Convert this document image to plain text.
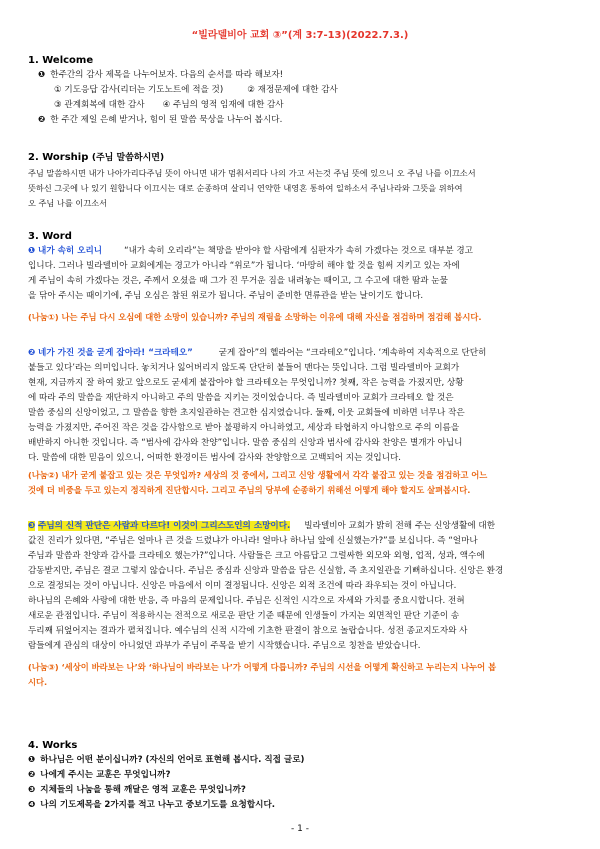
“빌라델비아 교회 ③”(계 3:7-13)(2022.7.3.)
1. Welcome
❶ 한주간의 감사 제목을 나누어보자. 다음의 순서를 따라 해보자!
① 기도응답 감사(리더는 기도노트에 적을 것)	② 재정문제에 대한 감사
③ 관계회복에 대한 감사 ④ 주님의 영적 임재에 대한 감사
❷ 한 주간 제일 은혜 받거나, 힘이 된 말씀 묵상을 나누어 봅시다.
2. Worship (주님 말씀하시면)
주님 말씀하시면 내가 나아가리다주님 뜻이 아니면 내가 멈춰서리다 나의 가고 서는것 주님 뜻에 있으니 오 주님 나를 이끄소서
뜻하신 그곳에 나 있기 원합니다 이끄시는 대로 순종하며 살리니 연약한 내영혼 통하여 일하소서 주님나라와 그뜻을 위하여
오 주님 나를 이끄소서
3. Word
❶ 내가 속히 오리니	“내가 속히 오리라”는 책망을 받아야 할 사람에게 심판자가 속히 가겠다는 것으로 대부분 경고
입니다. 그러나 빌라델비아 교회에게는 경고가 아니라 “위로”가 됩니다. ‘마땅히 해야 할 것을 힘써 지키고 있는 자에
게 주님이 속히 가겠다는 것은, 주께서 오셨을 때 그가 진 무거운 짐을 내려놓는 때이고, 그 수고에 대한 땀과 눈물
을 닦아 주시는 때이기에, 주님 오심은 참된 위로가 됩니다. 주님이 준비한 면류관을 받는 날이기도 합니다.
(나눔①) 나는 주님 다시 오심에 대한 소망이 있습니까? 주님의 재림을 소망하는 이유에 대해 자신을 점검하며 점검해 봅시다.
❷ 네가 가진 것을 굳게 잡아라! “크라테오”	굳게 잡아”의 헬라어는 “크라테오”입니다. ‘계속하여 지속적으로 단단히
붙들고 있다’라는 의미입니다. 놓치거나 잃어버리지 않도록 단단히 붙들어 맨다는 뜻입니다. 그럼 빌라델비아 교회가
현재, 지금까지 잘 하여 왔고 앞으로도 굳세게 붙잡아야 할 크라테오는 무엇입니까? 첫째, 작은 능력을 가졌지만, 상황
에 따라 주의 말씀을 재단하지 아니하고 주의 말씀을 지키는 것이었습니다. 즉 빌라델비아 교회가 크라테오 할 것은
말씀 중심의 신앙이었고, 그 말씀을 향한 초지일관하는 견고한 심지였습니다. 둘째, 이웃 교회들에 비하면 너무나 작은
능력을 가졌지만, 주어진 작은 것을 감사함으로 받아 불평하지 아니하였고, 세상과 타협하지 아니함으로 주의 이름을
배반하지 아니한 것입니다. 즉 “범사에 감사와 찬양”입니다. 말씀 중심의 신앙과 범사에 감사와 찬양은 별개가 아닙니
다. 말씀에 대한 믿음이 있으니, 어떠한 환경이든 범사에 감사와 찬양함으로 고백되어 지는 것입니다.
(나눔②) 내가 굳게 붙잡고 있는 것은 무엇입까? 세상의 것 중에서, 그리고 신앙 생활에서 각각 붙잡고 있는 것을 점검하고 어느
것에 더 비중을 두고 있는지 정직하게 진단합시다. 그리고 주님의 당부에 순종하기 위해선 어떻게 해야 할지도 살펴봅시다.
❸ 주님의 신적 판단은 사람과 다르다! 이것이 그리스도인의 소망이다. 빌라델비아 교회가 밝히 전해 주는 신앙생활에 대한
값진 진리가 있다면, “주님은 얼마나 큰 것을 드렸냐가 아니라! 얼마나 하나님 앞에 신실했는가?”를 보십니다. 즉 “얼마나
주님과 말씀과 찬양과 감사를 크라테오 했는가?”입니다. 사람들은 크고 아름답고 그럴싸한 외모와 외형, 업적, 성과, 액수에
감동받지만, 주님은 결코 그렇지 않습니다. 주님은 중심과 신앙과 말씀을 담은 신실함, 즉 초지일관을 기뻐하십니다. 신앙은 환경
으로 결정되는 것이 아닙니다. 신앙은 마음에서 이미 결정됩니다. 신앙은 외적 조건에 따라 좌우되는 것이 아닙니다.
하나님의 은혜와 사랑에 대한 반응, 즉 마음의 문제입니다. 주님은 신적인 시각으로 자세와 가치를 중요시합니다. 전혀
새로운 관점입니다. 주님이 적용하시는 전적으로 새로운 판단 기준 때문에 인생들이 가지는 외면적인 판단 기준이 송
두리째 뒤엎어지는 결과가 펼쳐집니다. 예수님의 신적 시각에 기초한 판결이 참으로 놀랍습니다. 성전 종교지도자와 사
람들에게 관심의 대상이 아니었던 과부가 주님이 주목을 받기 시작했습니다. 주님으로 칭찬을 받았습니다.
(나눔③) ‘세상이 바라보는 나’와 ‘하나님이 바라보는 나’가 어떻게 다릅니까? 주님의 시선을 어떻게 확신하고 누리는지 나누어 봅
시다.
4. Works
❶ 하나님은 어떤 분이십니까? (자신의 언어로 표현해 봅시다. 직접 글로)
❷ 나에게 주시는 교훈은 무엇입니까?
❸ 지체들의 나눔을 통해 깨달은 영적 교훈은 무엇입니까?
❹ 나의 기도제목을 2가지를 적고 나누고 중보기도를 요청합시다.
- 1 -
